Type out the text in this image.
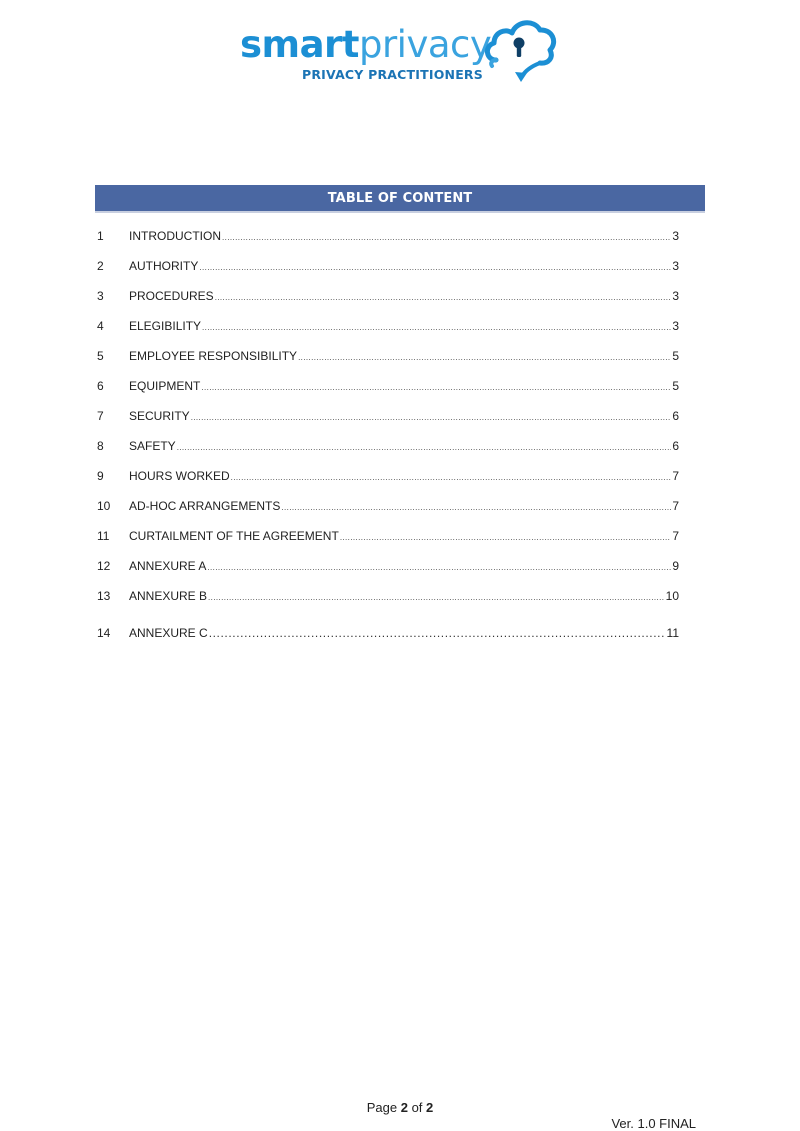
smartprivacy
PRIVACY PRACTITIONERS
TABLE OF CONTENT
1	INTRODUCTION .....	3
2	AUTHORITY .....	3
3	PROCEDURES .....	3
4	ELEGIBILITY .....	3
5	EMPLOYEE RESPONSIBILITY .....	5
6	EQUIPMENT .....	5
7	SECURITY .....	6
8	SAFETY .....	6
9	HOURS WORKED .....	7
10	AD-HOC ARRANGEMENTS .....	7
11	CURTAILMENT OF THE AGREEMENT .....	7
12	ANNEXURE A .....	9
13	ANNEXURE B .....	10
14	ANNEXURE C .....	11
Page 2 of 2
Ver. 1.0 FINAL
